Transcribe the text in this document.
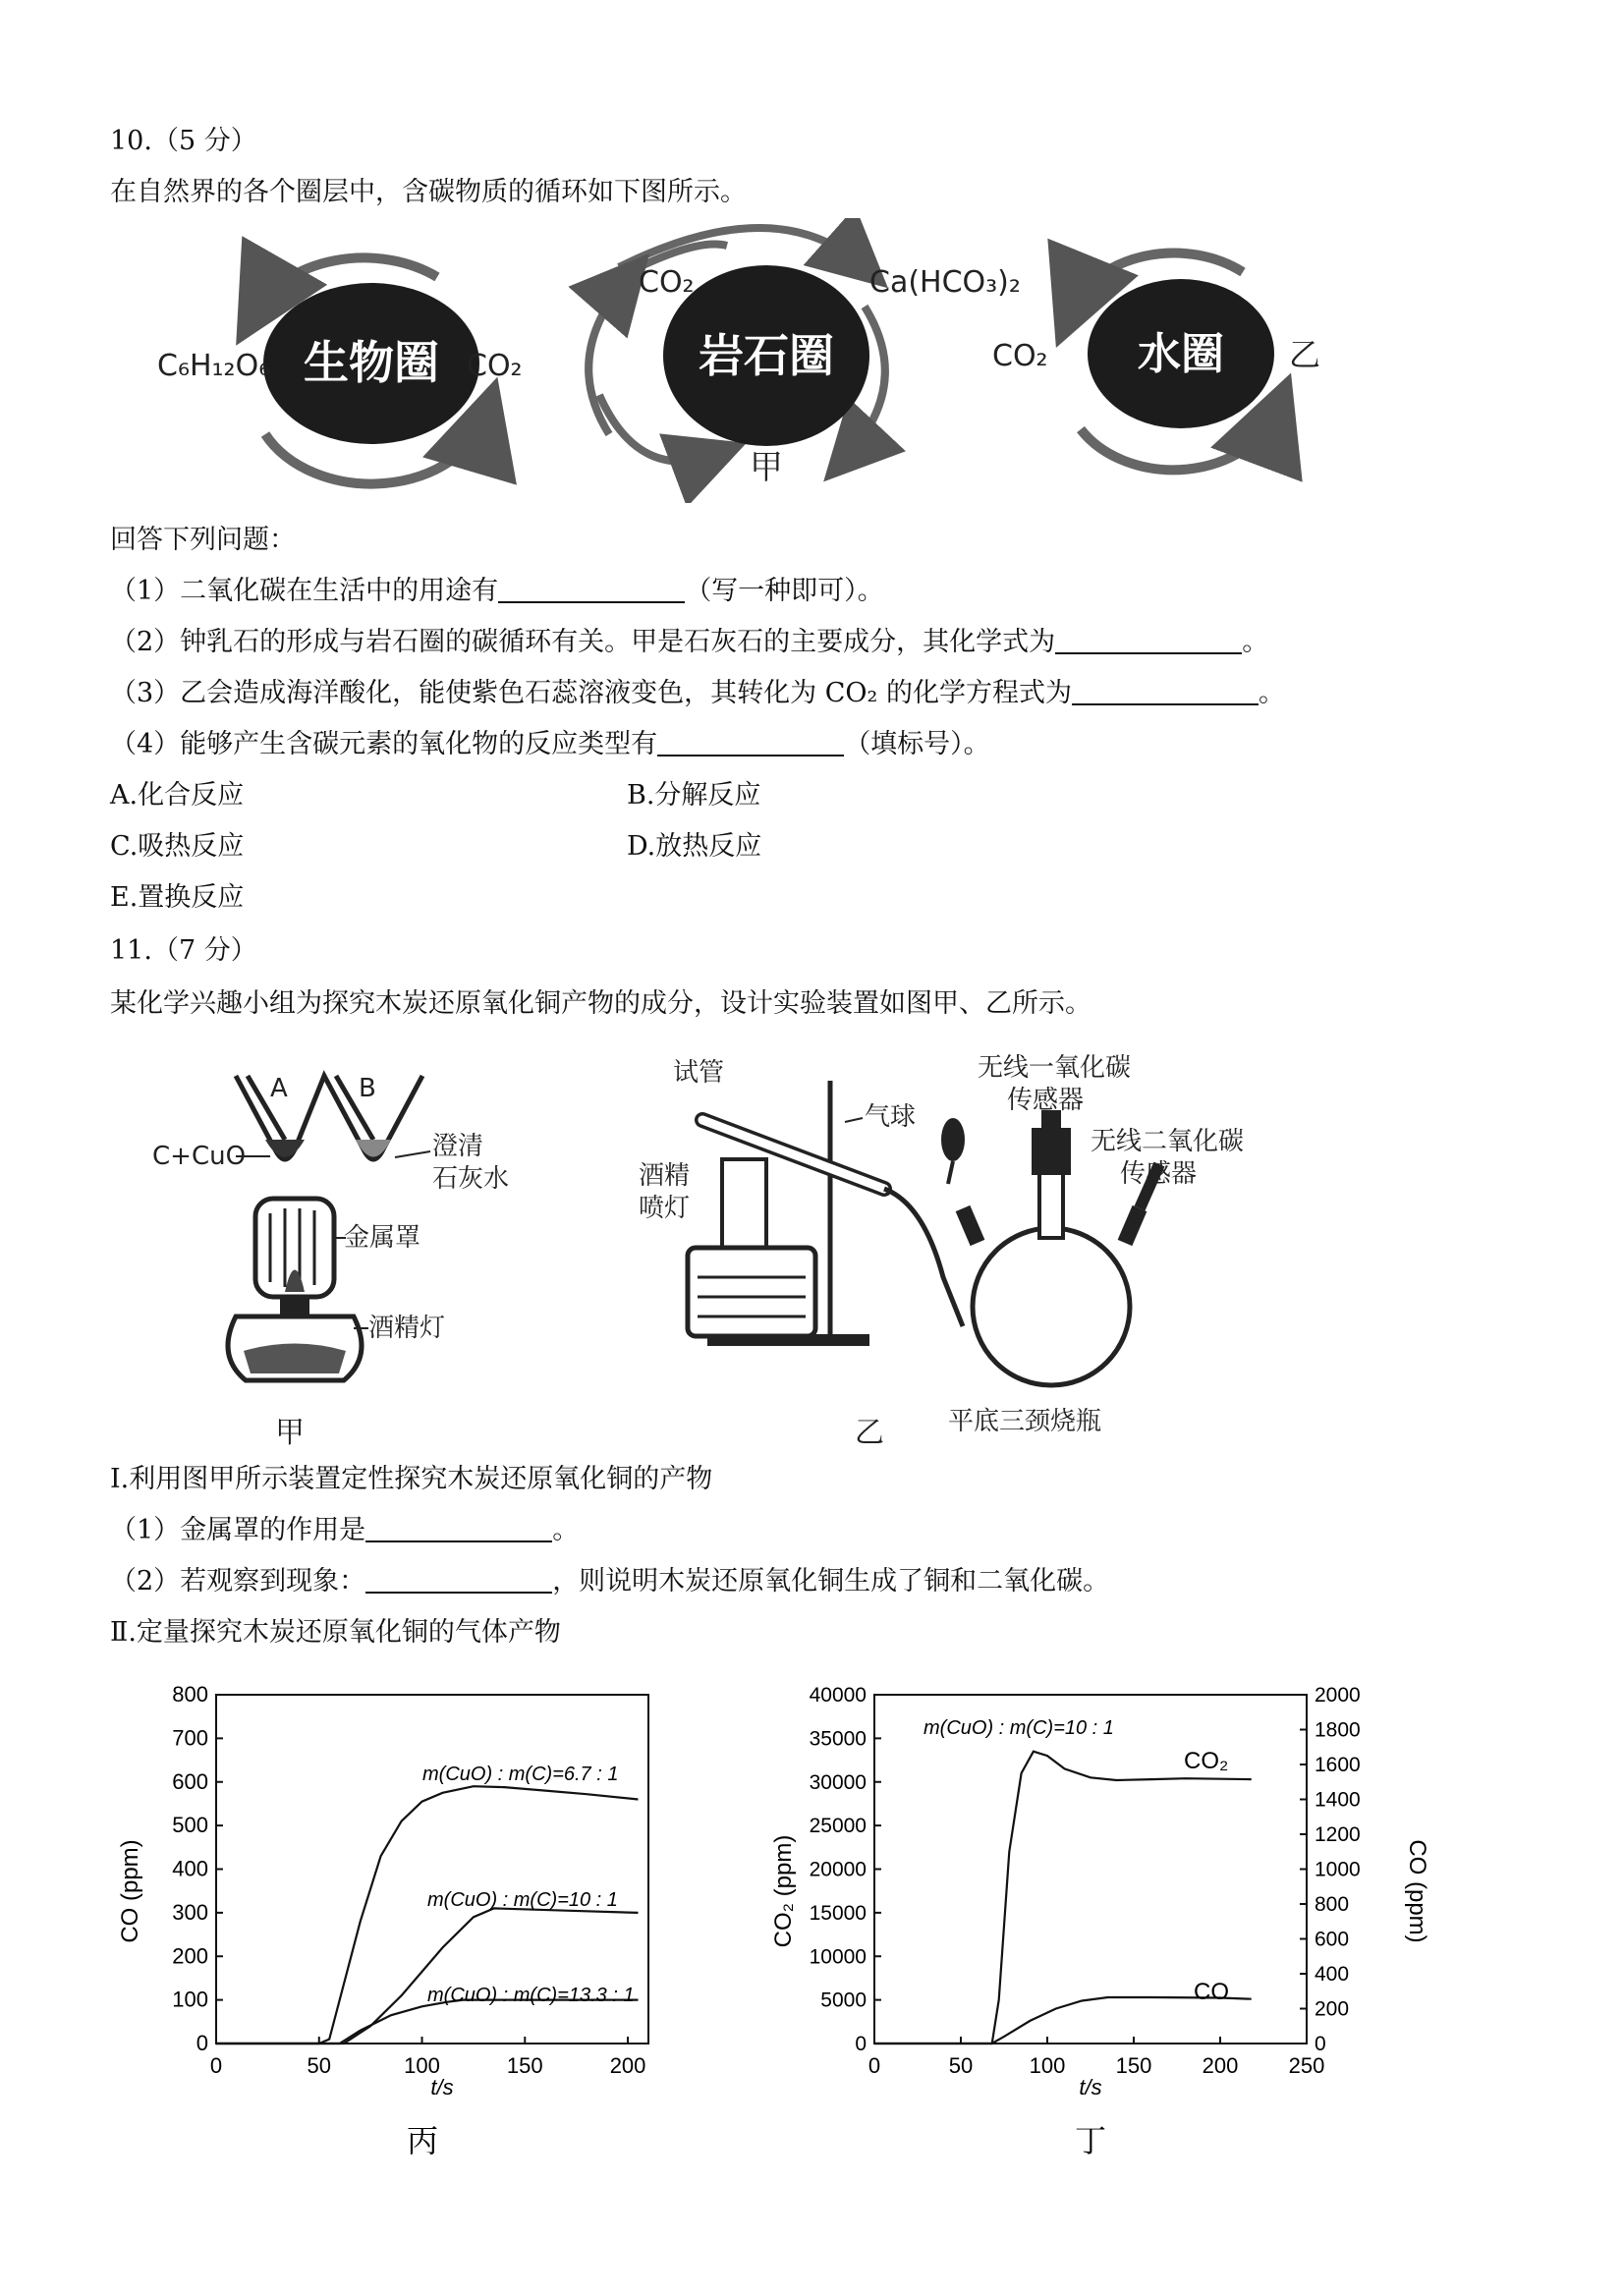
10.（5 分）
在自然界的各个圈层中，含碳物质的循环如下图所示。
生物圈
C₆H₁₂O₆	CO₂	岩石圈
CO₂	Ca(HCO₃)₂
甲
水圈
CO₂	乙
回答下列问题：
（1）二氧化碳在生活中的用途有	（写一种即可）。
（2）钟乳石的形成与岩石圈的碳循环有关。甲是石灰石的主要成分，其化学式为	。
（3）乙会造成海洋酸化，能使紫色石蕊溶液变色，其转化为 CO₂ 的化学方程式为	。
（4）能够产生含碳元素的氧化物的反应类型有	（填标号）。
A.化合反应	B.分解反应
C.吸热反应	D.放热反应
E.置换反应
11.（7 分）
某化学兴趣小组为探究木炭还原氧化铜产物的成分，设计实验装置如图甲、乙所示。
A	B
C+CuO	澄清
石灰水
金属罩
酒精灯
甲
试管
气球
酒精
喷灯
无线一氧化碳
传感器
无线二氧化碳
传感器
平底三颈烧瓶
乙
I.利用图甲所示装置定性探究木炭还原氧化铜的产物
（1）金属罩的作用是	。
（2）若观察到现象：	，则说明木炭还原氧化铜生成了铜和二氧化碳。
Ⅱ.定量探究木炭还原氧化铜的气体产物
m(CuO) : m(C)=6.7 : 1
m(CuO) : m(C)=10 : 1
m(CuO) : m(C)=13.3 : 1
0
100
200
300
400
500
600
700
800
0	50	100	150	200
t/s
CO (ppm)
丙
CO₂
CO
0
5000
10000
15000
20000
25000
30000
35000
40000
0
200
400
600
800
1000
1200
1400
1600
1800
2000
0	50	100 150 200 250
t/s
CO₂ (ppm)	CO (ppm)
m(CuO) : m(C)=10 : 1
丁
